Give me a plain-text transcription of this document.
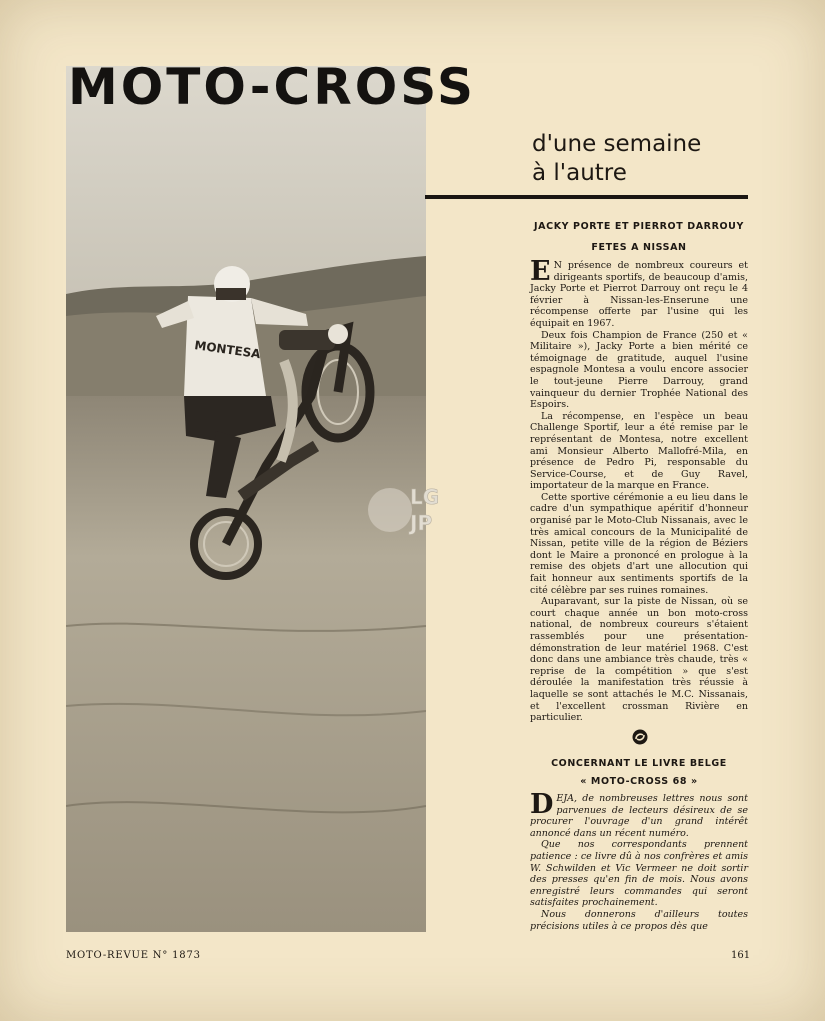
MONTESA
LG
JP
MOTO-CROSS
d'une semaine
à l'autre
JACKY PORTE ET PIERROT DARROUY
FETES A NISSAN

E N présence de nombreux coureurs et dirigeants sportifs, de beaucoup d'amis, Jacky Porte et Pierrot Darrouy ont reçu le 4 février à Nissan-les-Enserune une récompense offerte par l'usine qui les équipait en 1967.

Deux fois Champion de France (250 et « Militaire »), Jacky Porte a bien mérité ce témoignage de gratitude, auquel l'usine espagnole Montesa a voulu encore associer le tout-jeune Pierre Darrouy, grand vainqueur du dernier Trophée National des Espoirs.

La récompense, en l'espèce un beau Challenge Sportif, leur a été remise par le représentant de Montesa, notre excellent ami Monsieur Alberto Mallofré-Mila, en présence de Pedro Pi, responsable du Service-Course, et de Guy Ravel, importateur de la marque en France.

Cette sportive cérémonie a eu lieu dans le cadre d'un sympathique apéritif d'honneur organisé par le Moto-Club Nissanais, avec le très amical concours de la Municipalité de Nissan, petite ville de la région de Béziers dont le Maire a prononcé en prologue à la remise des objets d'art une allocution qui fait honneur aux sentiments sportifs de la cité célèbre par ses ruines romaines.

Auparavant, sur la piste de Nissan, où se court chaque année un bon moto-cross national, de nombreux coureurs s'étaient rassemblés pour une présentation-démonstration de leur matériel 1968. C'est donc dans une ambiance très chaude, très « reprise de la compétition » que s'est déroulée la manifestation très réussie à laquelle se sont attachés le M.C. Nissanais, et l'excellent crossman Rivière en particulier.

CONCERNANT LE LIVRE BELGE
« MOTO-CROSS 68 »

DEJA, de nombreuses lettres nous sont parvenues de lecteurs désireux de se procurer l'ouvrage d'un grand intérêt annoncé dans un récent numéro.

Que nos correspondants prennent patience : ce livre dû à nos confrères et amis W. Schwilden et Vic Vermeer ne doit sortir des presses qu'en fin de mois. Nous avons enregistré leurs commandes qui seront satisfaites prochainement.

Nous donnerons d'ailleurs toutes précisions utiles à ce propos dès que

MOTO-REVUE N° 1873	161
